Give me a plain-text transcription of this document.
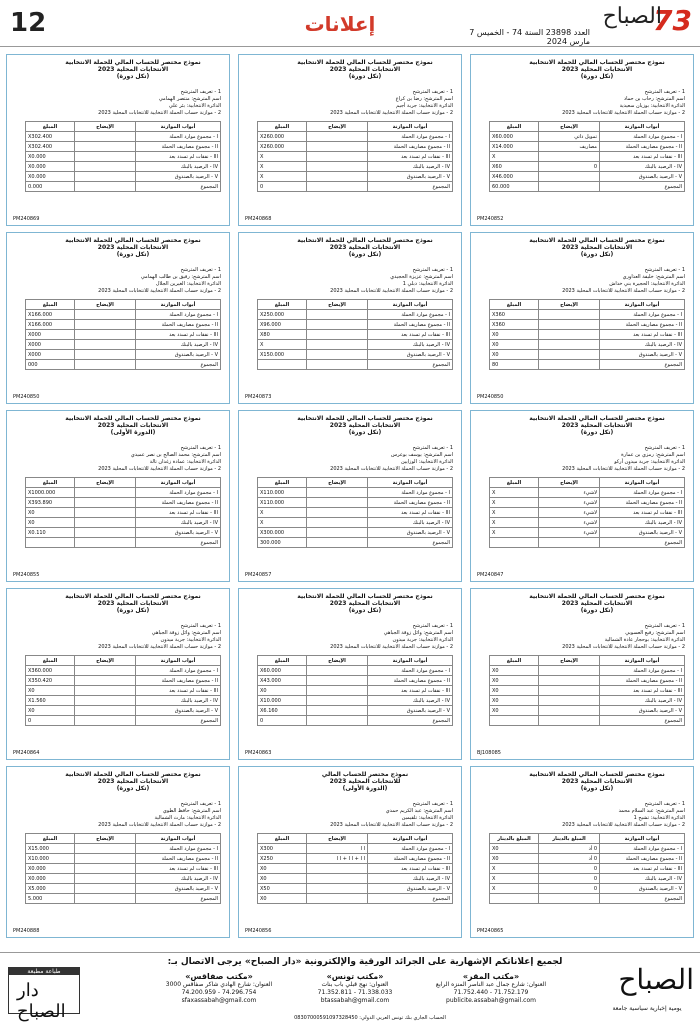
12	إعلانات	العدد 23898 السنة 74 - الخميس 7 مارس 2024
73
الصباح
نموذج مختصر للحساب المالي للحملة الانتخابية
الانتخابات المحلية 2023
(تكل دورة)
1 - تعريف المترشح
اسم المترشح: رحاب بن حماد
الدائرة الانتخابية: بوزيان سعيدية
2 - موازنة حساب الحملة الانتخابية للانتخابات المحلية 2023
أبواب الموازنة	الإيضاح	المبلغ
I - مجموع موارد الحملة	تمويل ذاتي	X60.000
II - مجموع مصاريف الحملة	مصاريف	X14.000
III - نفقات لم تسدد بعد		X
IV - الرصيد بالبنك	0	X60
V - الرصيد بالصندوق		X46.000
المجموع		60.000
PM240852
نموذج مختصر للحساب المالي للحملة الانتخابية
الانتخابات المحلية 2023
(تكل دورة)
1 - تعريف المترشح
اسم المترشح: رضا بن كراع
الدائرة الانتخابية: جربة أجيم
2 - موازنة حساب الحملة الانتخابية للانتخابات المحلية 2023
أبواب الموازنة	الإيضاح	المبلغ
I - مجموع موارد الحملة		X260.000
II - مجموع مصاريف الحملة		X260.000
III - نفقات لم تسدد بعد		X
IV - الرصيد بالبنك		X
V - الرصيد بالصندوق		X
المجموع		0
PM240868
نموذج مختصر للحساب المالي للحملة الانتخابية
الانتخابات المحلية 2023
(تكل دورة)
1 - تعريف المترشح
اسم المترشح: منتصر الهمامي
الدائرة الانتخابية: بئر علي
2 - موازنة حساب الحملة الانتخابية للانتخابات المحلية 2023
أبواب الموازنة	الإيضاح	المبلغ
I - مجموع موارد الحملة		X302.400
II - مجموع مصاريف الحملة		X302.400
III - نفقات لم تسدد بعد		X0.000
IV - الرصيد بالبنك		X0.000
V - الرصيد بالصندوق		X0.000
المجموع		0.000
PM240869
نموذج مختصر للحساب المالي للحملة الانتخابية
الانتخابات المحلية 2023
(تكل دورة)
1 - تعريف المترشح
اسم المترشح: خليفة العذاوري
الدائرة الانتخابية: الحجيرة بني خداش
2 - موازنة حساب الحملة الانتخابية للانتخابات المحلية 2023
أبواب الموازنة	الإيضاح	المبلغ
I - مجموع موارد الحملة		X360
II - مجموع مصاريف الحملة		X360
III - نفقات لم تسدد بعد		X0
IV - الرصيد بالبنك		X0
V - الرصيد بالصندوق		X0
المجموع		80
PM240850
نموذج مختصر للحساب المالي للحملة الانتخابية
الانتخابات المحلية 2023
(تكل دورة)
1 - تعريف المترشح
اسم المترشح: عزيزة الحجيدي
الدائرة الانتخابية: دبلي 1
2 - موازنة حساب الحملة الانتخابية للانتخابات المحلية 2023
أبواب الموازنة	الإيضاح	المبلغ
I - مجموع موارد الحملة		X250.000
II - مجموع مصاريف الحملة		X96.000
III - نفقات لم تسدد بعد		X80
IV - الرصيد بالبنك		X
V - الرصيد بالصندوق		X150.000
المجموع		
PM240873
نموذج مختصر للحساب المالي للحملة الانتخابية
الانتخابات المحلية 2023
(تكل دورة)
1 - تعريف المترشح
اسم المترشح: رفيق بن طالب الهمامي
الدائرة الانتخابية: الغيرين الجلال
2 - موازنة حساب الحملة الانتخابية للانتخابات المحلية 2023
أبواب الموازنة	الإيضاح	المبلغ
I - مجموع موارد الحملة		X166.000
II - مجموع مصاريف الحملة		X166.000
III - نفقات لم تسدد بعد		X000
IV - الرصيد بالبنك		X000
V - الرصيد بالصندوق		X000
المجموع		000
PM240850
نموذج مختصر للحساب المالي للحملة الانتخابية
الانتخابات المحلية 2023
(تكل دورة)
1 - تعريف المترشح
اسم المترشح: رمزي بن عمارة
الدائرة الانتخابية: جربة ميدون أركو
2 - موازنة حساب الحملة الانتخابية للانتخابات المحلية 2023
أبواب الموازنة	الإيضاح	المبلغ
I - مجموع موارد الحملة	لاشيء	X
II - مجموع مصاريف الحملة	لاشيء	X
III - نفقات لم تسدد بعد	لاشيء	X
IV - الرصيد بالبنك	لاشيء	X
V - الرصيد بالصندوق	لاشيء	X
المجموع		
PM240847
نموذج مختصر للحساب المالي للحملة الانتخابية
الانتخابات المحلية 2023
(تكل دورة)
1 - تعريف المترشح
اسم المترشح: يوسف بوعرس
الدائرة الانتخابية: الوزايين
2 - موازنة حساب الحملة الانتخابية للانتخابات المحلية 2023
أبواب الموازنة	الإيضاح	المبلغ
I - مجموع موارد الحملة		X110.000
II - مجموع مصاريف الحملة		X110.000
III - نفقات لم تسدد بعد		X
IV - الرصيد بالبنك		X
V - الرصيد بالصندوق		X300.000
المجموع		300.000
PM240857
نموذج مختصر للحساب المالي للحملة الانتخابية
الانتخابات المحلية 2023
(الدورة الأولى)
1 - تعريف المترشح
اسم المترشح: محمد الصالح بن نصر عميدي
الدائرة الانتخابية: عمادة زغدان تالة
2 - موازنة حساب الحملة الانتخابية للانتخابات المحلية 2023
أبواب الموازنة	الإيضاح	المبلغ
I - مجموع موارد الحملة		X1000.000
II - مجموع مصاريف الحملة		X393.890
III - نفقات لم تسدد بعد		X0
IV - الرصيد بالبنك		X0
V - الرصيد بالصندوق		X0.110
المجموع		
PM240855
نموذج مختصر للحساب المالي للحملة الانتخابية
الانتخابات المحلية 2023
(تكل دورة)
1 - تعريف المترشح
اسم المترشح: رفيع العسوبي
الدائرة الانتخابية: بوحجار عادة الشمالية
2 - موازنة حساب الحملة الانتخابية للانتخابات المحلية 2023
أبواب الموازنة	الإيضاح	المبلغ
I - مجموع موارد الحملة		X0
II - مجموع مصاريف الحملة		X0
III - نفقات لم تسدد بعد		X0
IV - الرصيد بالبنك		X0
V - الرصيد بالصندوق		X0
المجموع		
BJ108085
نموذج مختصر للحساب المالي للحملة الانتخابية
الانتخابات المحلية 2023
(تكل دورة)
1 - تعريف المترشح
اسم المترشح: وائل زوقة الجباهي
الدائرة الانتخابية: جربة ميدون
2 - موازنة حساب الحملة الانتخابية للانتخابات المحلية 2023
أبواب الموازنة	الإيضاح	المبلغ
I - مجموع موارد الحملة		X60.000
II - مجموع مصاريف الحملة		X43.000
III - نفقات لم تسدد بعد		X0
IV - الرصيد بالبنك		X10.000
V - الرصيد بالصندوق		X6.160
المجموع		0
PM240863
نموذج مختصر للحساب المالي للحملة الانتخابية
الانتخابات المحلية 2023
(تكل دورة)
1 - تعريف المترشح
اسم المترشح: وائل زوقة الجباهي
الدائرة الانتخابية: جربة ميدون
2 - موازنة حساب الحملة الانتخابية للانتخابات المحلية 2023
أبواب الموازنة	الإيضاح	المبلغ
I - مجموع موارد الحملة		X360.000
II - مجموع مصاريف الحملة		X350.420
III - نفقات لم تسدد بعد		X0
IV - الرصيد بالبنك		X1.560
V - الرصيد بالصندوق		X0
المجموع		0
PM240864
نموذج مختصر للحساب المالي للحملة الانتخابية
الانتخابات المحلية 2023
(تكل دورة)
1 - تعريف المترشح
اسم المترشح: عبد السلام محمد
الدائرة الانتخابية: تشيح 1
2 - موازنة حساب الحملة الانتخابية للانتخابات المحلية 2023
أبواب الموازنة	المبلغ بالدينار	المبلغ بالدينار
I - مجموع موارد الحملة	0 أد	X0
II - مجموع مصاريف الحملة	0 أد	X0
III - نفقات لم تسدد بعد	0	X
IV - الرصيد بالبنك	0	X
V - الرصيد بالصندوق	0	X
المجموع		
PM240865
نموذج مختصر للحساب المالي
للانتخابات المحلية 2023
(الدورة الأولى)
1 - تعريف المترشح
اسم المترشح: عبد الكريم حمدي
الدائرة الانتخابية: تلقيمين
2 - موازنة حساب الحملة الانتخابية للانتخابات المحلية 2023
أبواب الموازنة	الإيضاح	المبلغ
I - مجموع موارد الحملة	I I	X300
II - مجموع مصاريف الحملة	I I + I I + I I	X250
III - نفقات لم تسدد بعد		X0
IV - الرصيد بالبنك		X0
V - الرصيد بالصندوق		X50
المجموع		X0
PM240856
نموذج مختصر للحساب المالي للحملة الانتخابية
الانتخابات المحلية 2023
(تكل دورة)
1 - تعريف المترشح
اسم المترشح: حافظ الطوي
الدائرة الانتخابية: مارث الشمالية
2 - موازنة حساب الحملة الانتخابية للانتخابات المحلية 2023
أبواب الموازنة	الإيضاح	المبلغ
I - مجموع موارد الحملة		X15.000
II - مجموع مصاريف الحملة		X10.000
III - نفقات لم تسدد بعد		X0.000
IV - الرصيد بالبنك		X0.000
V - الرصيد بالصندوق		X5.000
المجموع		5.000
PM240888
طباعة مطبعة
دار الصباح
لجميع إعلاناتكم الإشهارية على الجرائد الورقية والإلكترونية «دار الصباح» يرجى الاتصال بـ:
«مكتب المقر»
العنوان: شارع جمال عبد الناصر المنزه الرابع
71.752.179 - 71.752.440
publicite.assabah@gmail.com
«مكتب تونس»
العنوان: نهج قبلي باب بنات
71.338.033 - 71.352.811
btassabah@gmail.com
«مكتب صفاقس»
العنوان: شارع الهادي شاكر صفاقس 3000
74.296.754 - 74.200.959
sfaxassabah@gmail.com
الحساب الجاري بنك تونس العربي الدولي: 08307000591097328450
الصباح
يومية إخبارية سياسية جامعة
